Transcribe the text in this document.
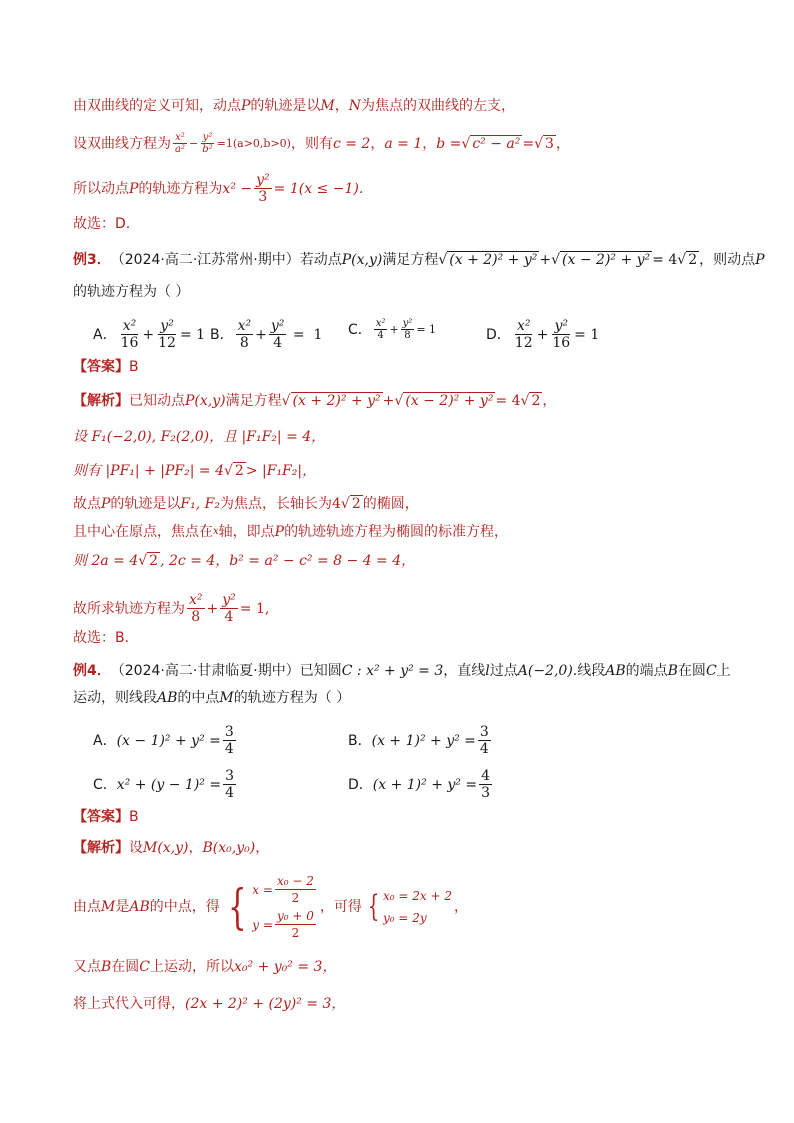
由双曲线的定义可知，动点 P 的轨迹是以 M ， N 为焦点的双曲线的左支，
设双曲线方程为 $\frac{\text{x²}}{\text{a²}} - \frac{\text{y²}}{\text{b²}} =1(a>0,b>0)$ ，则有 c = 2 ， a = 1 ， b = √ c² − a² = √ 3 ，
所以动点 P 的轨迹方程为 $x^2 - \frac{\text{y²}}{3} = 1(x \le -1)$.
故选：D.
例3． （2024·高二·江苏常州·期中）若动点 P(x,y) 满足方程 √ (x + 2)² + y² + √ (x − 2)² + y² = 4 √ 2 ，则动点 P
的轨迹方程为（ ）
A． $\frac{\text{x²}}{16} + \frac{\text{y²}}{12} = 1$ B． $\frac{\text{x²}}{8} + \frac{\text{y²}}{4} = 1$ C． $\frac{\text{x²}}{4} + \frac{\text{y²}}{8} = 1$	D． $\frac{\text{x²}}{12} + \frac{\text{y²}}{16} = 1$
【答案】 B
【解析】 已知动点 P(x,y) 满足方程 √ (x + 2)² + y² + √ (x − 2)² + y² = 4 √ 2 ，
设 F₁(−2,0), F₂(2,0)，且 |F₁F₂| = 4，
则有 |PF₁| + |PF₂| = 4 √ 2 > |F₁F₂|，
故点 P 的轨迹是以 F₁, F₂ 为焦点，长轴长为 4 √ 2 的椭圆，
且中心在原点，焦点在 x 轴，即点 P 的轨迹轨迹方程为椭圆的标准方程，
则 2a = 4 √ 2 , 2c = 4， b² = a² − c² = 8 − 4 = 4，
故所求轨迹方程为 $\frac{\text{x²}}{8} + \frac{\text{y²}}{4} = 1$,
故选：B.
例4． （2024·高二·甘肃临夏·期中）已知圆 C : x² + y² = 3 ，直线 l 过点 A(−2,0) .线段 AB 的端点 B 在圆 C 上
运动，则线段 AB 的中点 M 的轨迹方程为（ ）
A． $(x - 1)^2 + y^2 = \frac{3}{4}$	B． $(x + 1)^2 + y^2 = \frac{3}{4}$
C． $x^2 + (y - 1)^2 = \frac{3}{4}$	D． $(x + 1)^2 + y^2 = \frac{4}{3}$
【答案】 B
【解析】 设 M(x,y) ， B(x₀,y₀) ，
由点 M 是 AB 的中点，得 { $x = \frac{\text{x₀ − 2}}{2}$
$y = \frac{\text{y₀ + 0}}{2}$
，可得 { x₀ = 2x + 2
y₀ = 2y
，
又点 B 在圆 C 上运动，所以 x₀² + y₀² = 3，
将上式代入可得， (2x + 2)² + (2y)² = 3，
